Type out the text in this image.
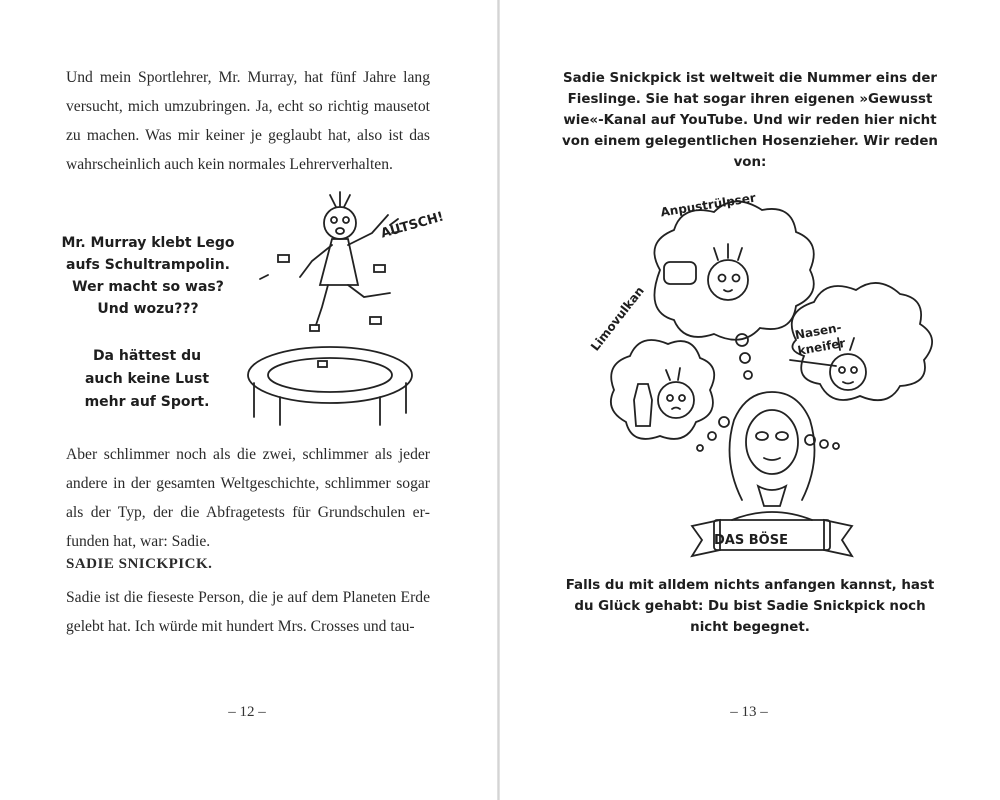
Und mein Sportlehrer, Mr. Murray, hat fünf Jahre lang versucht, mich umzubringen. Ja, echt so richtig mausetot zu machen. Was mir keiner je geglaubt hat, also ist das wahrscheinlich auch kein normales Lehrerverhalten.

Mr. Murray klebt Lego aufs Schultrampolin. Wer macht so was? Und wozu???
Da hättest du auch keine Lust mehr auf Sport.
AUTSCH!

Aber schlimmer noch als die zwei, schlimmer als jeder andere in der gesamten Weltgeschichte, schlimmer sogar als der Typ, der die Abfragetests für Grundschulen erfunden hat, war: Sadie.

SADIE SNICKPICK.

Sadie ist die fieseste Person, die je auf dem Planeten Erde gelebt hat. Ich würde mit hundert Mrs. Crosses und tau-

– 12 –
Sadie Snickpick ist weltweit die Nummer eins der Fieslinge. Sie hat sogar ihren eigenen »Gewusst wie«-Kanal auf YouTube. Und wir reden hier nicht von einem gelegentlichen Hosenzieher. Wir reden von:
Anpustrülpser
Limovulkan	Nasen-kneifer
DAS BÖSE
Falls du mit alldem nichts anfangen kannst, hast du Glück gehabt: Du bist Sadie Snickpick noch nicht begegnet.
– 13 –
